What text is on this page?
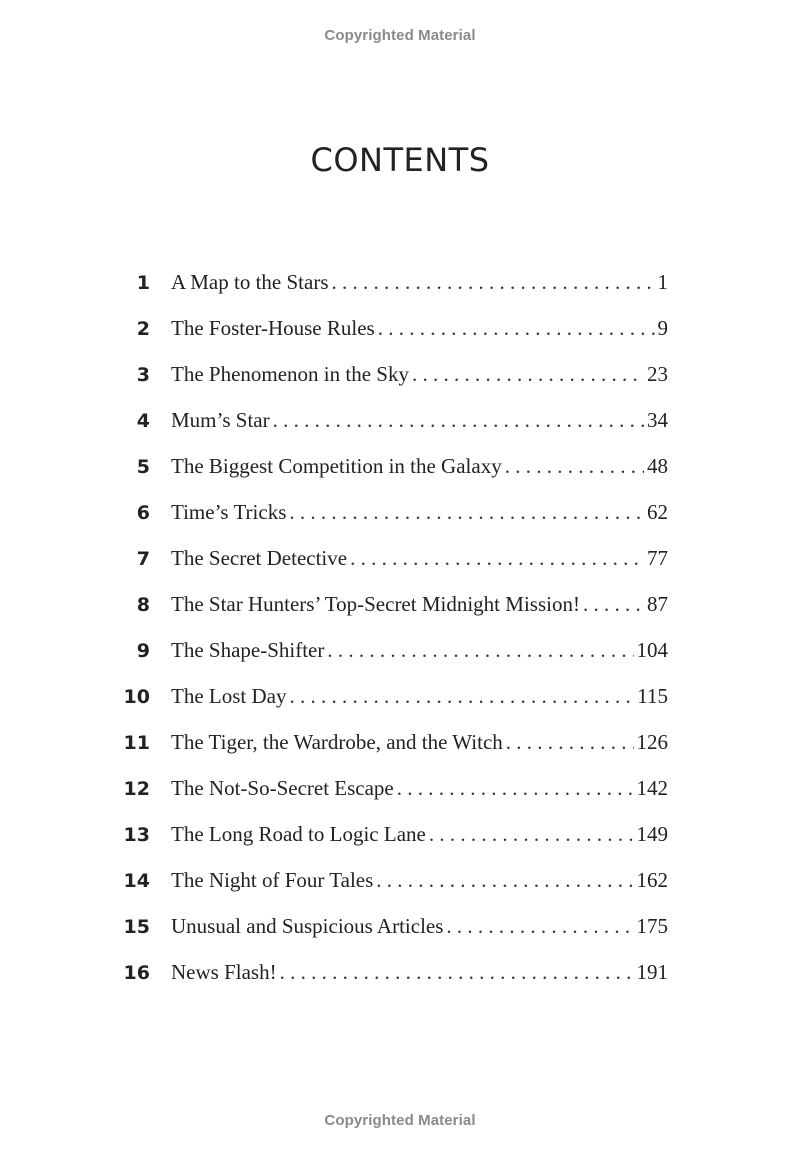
Copyrighted Material
CONTENTS
1 A Map to the Stars . . .	1
2 The Foster-House Rules . . .	9
3 The Phenomenon in the Sky . . .	23
4 Mum’s Star . . .	34
5 The Biggest Competition in the Galaxy . . .	48
6 Time’s Tricks . . .	62
7 The Secret Detective . . .	77
8 The Star Hunters’ Top-Secret Midnight Mission! . . .	87
9 The Shape-Shifter . . .	104
10 The Lost Day . . .	115
11 The Tiger, the Wardrobe, and the Witch . . .	126
12 The Not-So-Secret Escape . . .	142
13 The Long Road to Logic Lane . . .	149
14 The Night of Four Tales . . .	162
15 Unusual and Suspicious Articles . . .	175
16 News Flash! . . .	191
Copyrighted Material
